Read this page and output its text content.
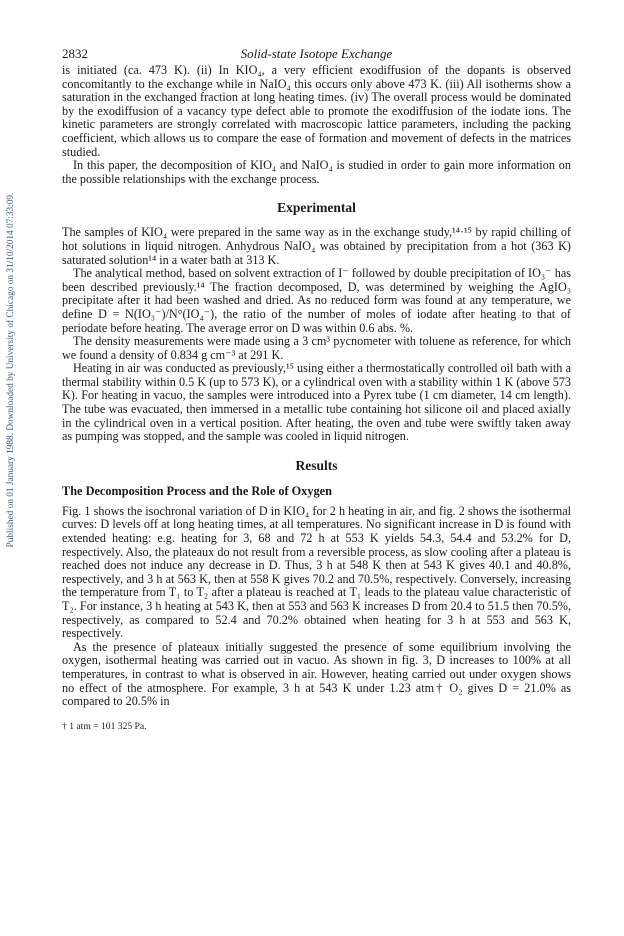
Published on 01 January 1988. Downloaded by University of Chicago on 31/10/2014 07:33:09.
2832	Solid-state Isotope Exchange

is initiated (ca. 473 K). (ii) In KIO₄, a very efficient exodiffusion of the dopants is observed concomitantly to the exchange while in NaIO₄ this occurs only above 473 K. (iii) All isotherms show a saturation in the exchanged fraction at long heating times. (iv) The overall process would be dominated by the exodiffusion of a vacancy type defect able to promote the exodiffusion of the iodate ions. The kinetic parameters are strongly correlated with macroscopic lattice parameters, including the packing coefficient, which allows us to compare the ease of formation and movement of defects in the matrices studied.

In this paper, the decomposition of KIO₄ and NaIO₄ is studied in order to gain more information on the possible relationships with the exchange process.

Experimental

The samples of KIO₄ were prepared in the same way as in the exchange study,¹⁴·¹⁵ by rapid chilling of hot solutions in liquid nitrogen. Anhydrous NaIO₄ was obtained by precipitation from a hot (363 K) saturated solution¹⁴ in a water bath at 313 K.

The analytical method, based on solvent extraction of I⁻ followed by double precipitation of IO₃⁻ has been described previously.¹⁴ The fraction decomposed, D, was determined by weighing the AgIO₃ precipitate after it had been washed and dried. As no reduced form was found at any temperature, we define D = N(IO₃⁻)/N°(IO₄⁻), the ratio of the number of moles of iodate after heating to that of periodate before heating. The average error on D was within 0.6 abs. %.

The density measurements were made using a 3 cm³ pycnometer with toluene as reference, for which we found a density of 0.834 g cm⁻³ at 291 K.

Heating in air was conducted as previously,¹⁵ using either a thermostatically controlled oil bath with a thermal stability within 0.5 K (up to 573 K), or a cylindrical oven with a stability within 1 K (above 573 K). For heating in vacuo, the samples were introduced into a Pyrex tube (1 cm diameter, 14 cm length). The tube was evacuated, then immersed in a metallic tube containing hot silicone oil and placed axially in the cylindrical oven in a vertical position. After heating, the oven and tube were swiftly taken away as pumping was stopped, and the sample was cooled in liquid nitrogen.

Results
The Decomposition Process and the Role of Oxygen

Fig. 1 shows the isochronal variation of D in KIO₄ for 2 h heating in air, and fig. 2 shows the isothermal curves: D levels off at long heating times, at all temperatures. No significant increase in D is found with extended heating: e.g. heating for 3, 68 and 72 h at 553 K yields 54.3, 54.4 and 53.2% for D, respectively. Also, the plateaux do not result from a reversible process, as slow cooling after a plateau is reached does not induce any decrease in D. Thus, 3 h at 548 K then at 543 K gives 40.1 and 40.8%, respectively, and 3 h at 563 K, then at 558 K gives 70.2 and 70.5%, respectively. Conversely, increasing the temperature from T₁ to T₂ after a plateau is reached at T₁ leads to the plateau value characteristic of T₂. For instance, 3 h heating at 543 K, then at 553 and 563 K increases D from 20.4 to 51.5 then 70.5%, respectively, as compared to 52.4 and 70.2% obtained when heating for 3 h at 553 and 563 K, respectively.

As the presence of plateaux initially suggested the presence of some equilibrium involving the oxygen, isothermal heating was carried out in vacuo. As shown in fig. 3, D increases to 100% at all temperatures, in contrast to what is observed in air. However, heating carried out under oxygen shows no effect of the atmosphere. For example, 3 h at 543 K under 1.23 atm† O₂ gives D = 21.0% as compared to 20.5% in

† 1 atm = 101 325 Pa.
